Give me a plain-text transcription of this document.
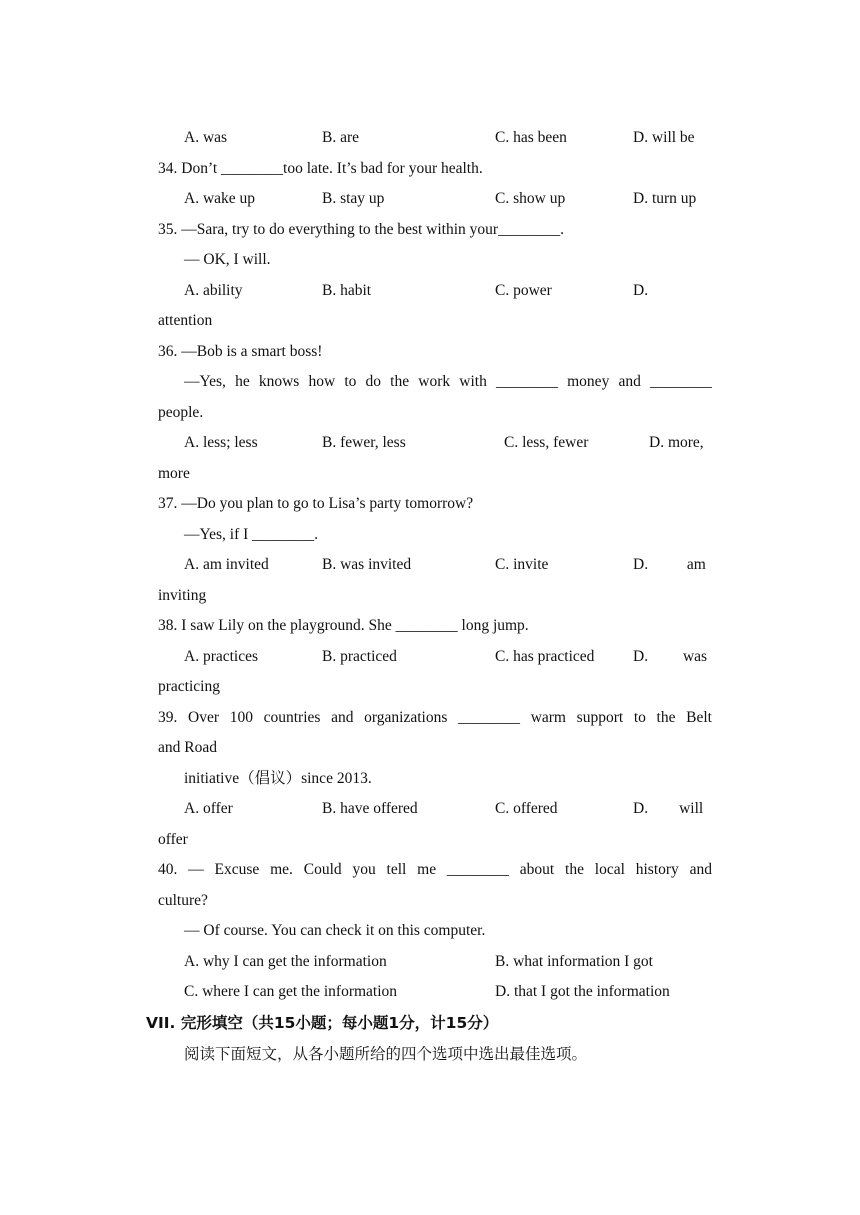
A. was	B. are	C. has been	D. will be
34. Don’t ________too late. It’s bad for your health.
A. wake up	B. stay up	C. show up	D. turn up
35. —Sara, try to do everything to the best within your________.
— OK, I will.
A. ability	B. habit	C. power	D.
attention
36. —Bob is a smart boss!
—Yes, he knows how to do the work with ________ money and ________
people.
A. less; less	B. fewer, less	C. less, fewer	D. more,
more
37. —Do you plan to go to Lisa’s party tomorrow?
—Yes, if I ________.
A. am invited	B. was invited	C. invite	D.          am
inviting
38. I saw Lily on the playground. She ________ long jump.
A. practices	B. practiced	C. has practiced D.         was
practicing
39. Over 100 countries and organizations ________ warm support to the Belt
and Road
initiative（倡议）since 2013.
A. offer	B. have offered	C. offered	D.        will
offer
40. — Excuse me. Could you tell me ________ about the local history and
culture?
— Of course. You can check it on this computer.
A. why I can get the information	B. what information I got
C. where I can get the information	D. that I got the information
VII. 完形填空（共15小题；每小题1分，计15分）
阅读下面短文，从各小题所给的四个选项中选出最佳选项。
